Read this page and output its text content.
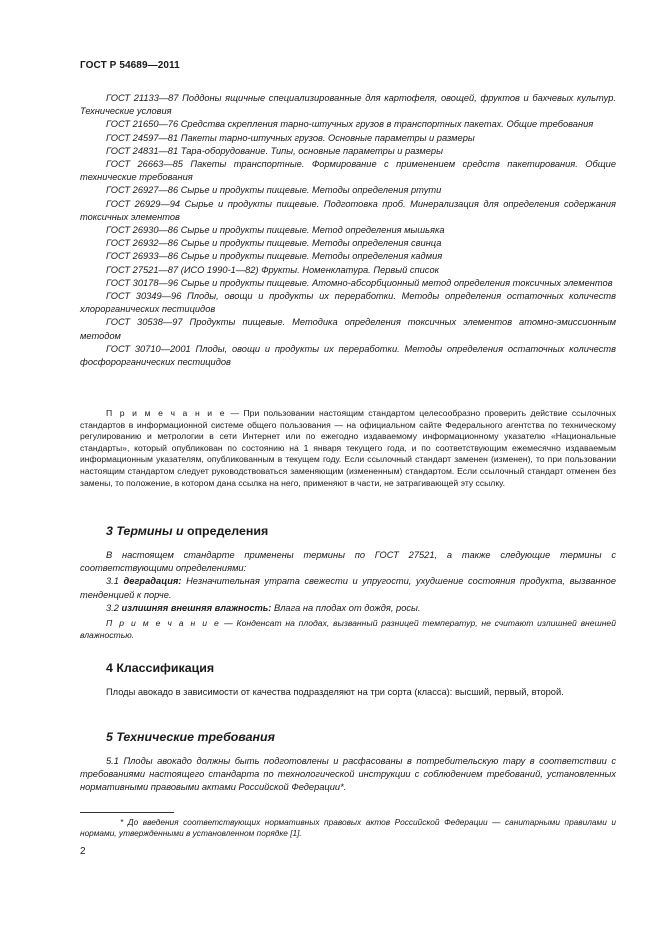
ГОСТ Р 54689—2011

ГОСТ 21133—87 Поддоны ящичные специализированные для картофеля, овощей, фруктов и бахчевых культур. Технические условия

ГОСТ 21650—76 Средства скрепления тарно-штучных грузов в транспортных пакетах. Общие требования

ГОСТ 24597—81 Пакеты тарно-штучных грузов. Основные параметры и размеры

ГОСТ 24831—81 Тара-оборудование. Типы, основные параметры и размеры

ГОСТ 26663—85 Пакеты транспортные. Формирование с применением средств пакетирования. Общие технические требования

ГОСТ 26927—86 Сырье и продукты пищевые. Методы определения ртути

ГОСТ 26929—94 Сырье и продукты пищевые. Подготовка проб. Минерализация для определения содержания токсичных элементов

ГОСТ 26930—86 Сырье и продукты пищевые. Метод определения мышьяка

ГОСТ 26932—86 Сырье и продукты пищевые. Методы определения свинца

ГОСТ 26933—86 Сырье и продукты пищевые. Методы определения кадмия

ГОСТ 27521—87 (ИСО 1990-1—82) Фрукты. Номенклатура. Первый список

ГОСТ 30178—96 Сырье и продукты пищевые. Атомно-абсорбционный метод определения токсичных элементов

ГОСТ 30349—96 Плоды, овощи и продукты их переработки. Методы определения остаточных количеств хлорорганических пестицидов

ГОСТ 30538—97 Продукты пищевые. Методика определения токсичных элементов атомно-эмиссионным методом

ГОСТ 30710—2001 Плоды, овощи и продукты их переработки. Методы определения остаточных количеств фосфорорганических пестицидов

П р и м е ч а н и е — При пользовании настоящим стандартом целесообразно проверить действие ссылочных стандартов в информационной системе общего пользования — на официальном сайте Федерального агентства по техническому регулированию и метрологии в сети Интернет или по ежегодно издаваемому информационному указателю «Национальные стандарты», который опубликован по состоянию на 1 января текущего года, и по соответствующим ежемесячно издаваемым информационным указателям, опубликованным в текущем году. Если ссылочный стандарт заменен (изменен), то при пользовании настоящим стандартом следует руководствоваться заменяющим (измененным) стандартом. Если ссылочный стандарт отменен без замены, то положение, в котором дана ссылка на него, применяют в части, не затрагивающей эту ссылку.

3 Термины и определения

В настоящем стандарте применены термины по ГОСТ 27521, а также следующие термины с соответствующими определениями:

3.1 деградация: Незначительная утрата свежести и упругости, ухудшение состояния продукта, вызванное тенденцией к порче.

3.2 излишняя внешняя влажность: Влага на плодах от дождя, росы.

П р и м е ч а н и е — Конденсат на плодах, вызванный разницей температур, не считают излишней внешней влажностью.

4 Классификация

Плоды авокадо в зависимости от качества подразделяют на три сорта (класса): высший, первый, второй.

5 Технические требования

5.1 Плоды авокадо должны быть подготовлены и расфасованы в потребительскую тару в соответствии с требованиями настоящего стандарта по технологической инструкции с соблюдением требований, установленных нормативными правовыми актами Российской Федерации*.

* До введения соответствующих нормативных правовых актов Российской Федерации — санитарными правилами и нормами, утвержденными в установленном порядке [1].

2
